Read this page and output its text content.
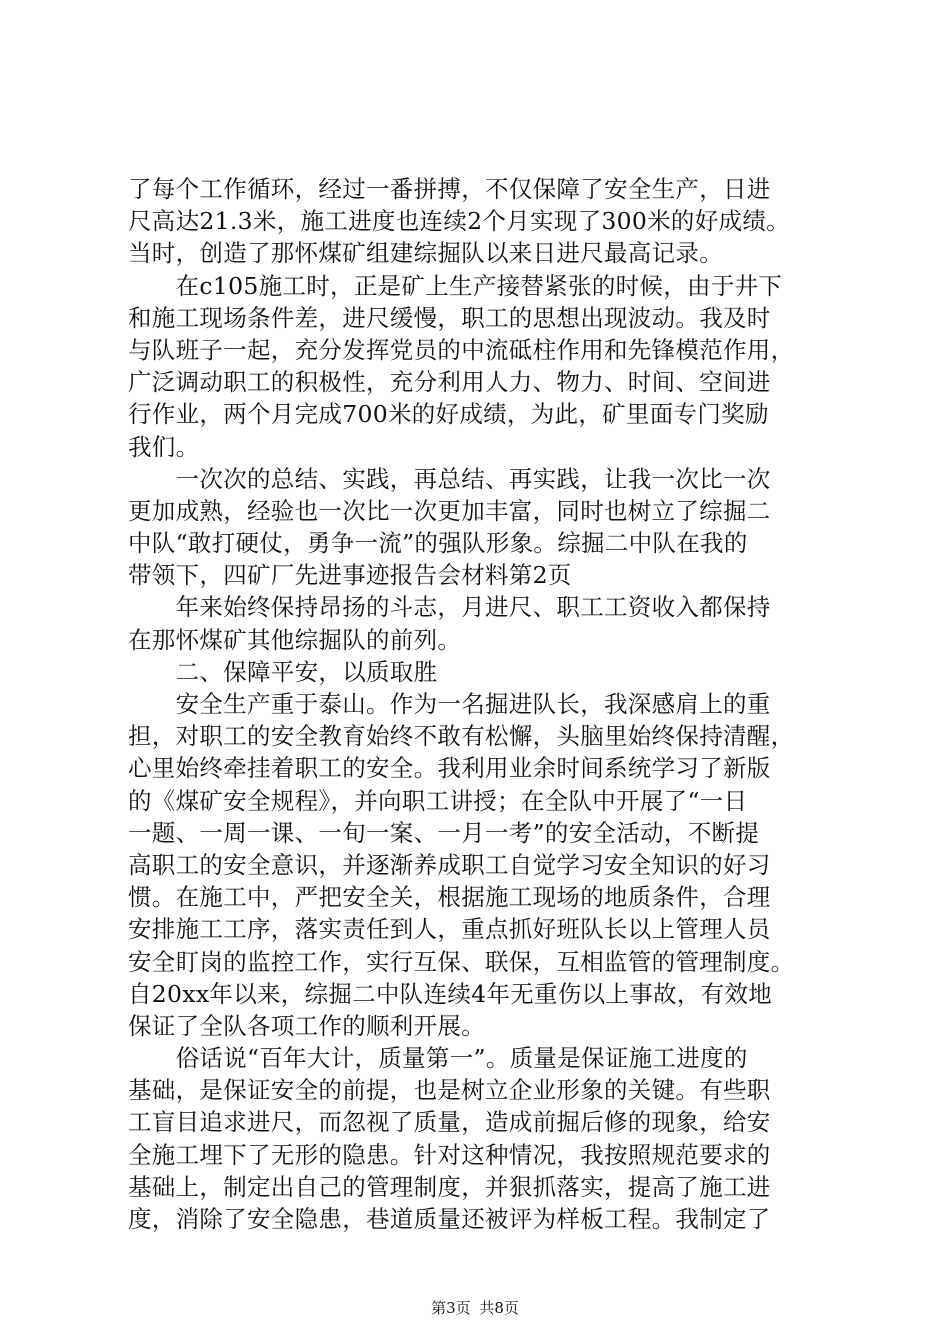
了每个工作循环，经过一番拼搏，不仅保障了安全生产，日进
尺高达21.3米，施工进度也连续2个月实现了300米的好成绩。
当时，创造了那怀煤矿组建综掘队以来日进尺最高记录。
　　在c105施工时，正是矿上生产接替紧张的时候，由于井下
和施工现场条件差，进尺缓慢，职工的思想出现波动。我及时
与队班子一起，充分发挥党员的中流砥柱作用和先锋模范作用，
广泛调动职工的积极性，充分利用人力、物力、时间、空间进
行作业，两个月完成700米的好成绩，为此，矿里面专门奖励
我们。
　　一次次的总结、实践，再总结、再实践，让我一次比一次
更加成熟，经验也一次比一次更加丰富，同时也树立了综掘二
中队“敢打硬仗，勇争一流”的强队形象。综掘二中队在我的
带领下，四矿厂先进事迹报告会材料第2页
　　年来始终保持昂扬的斗志，月进尺、职工工资收入都保持
在那怀煤矿其他综掘队的前列。
　　二、保障平安，以质取胜
　　安全生产重于泰山。作为一名掘进队长，我深感肩上的重
担，对职工的安全教育始终不敢有松懈，头脑里始终保持清醒，
心里始终牵挂着职工的安全。我利用业余时间系统学习了新版
的《煤矿安全规程》，并向职工讲授；在全队中开展了“一日
一题、一周一课、一旬一案、一月一考”的安全活动，不断提
高职工的安全意识，并逐渐养成职工自觉学习安全知识的好习
惯。在施工中，严把安全关，根据施工现场的地质条件，合理
安排施工工序，落实责任到人，重点抓好班队长以上管理人员
安全盯岗的监控工作，实行互保、联保，互相监管的管理制度。
自20xx年以来，综掘二中队连续4年无重伤以上事故，有效地
保证了全队各项工作的顺利开展。
　　俗话说“百年大计，质量第一”。质量是保证施工进度的
基础，是保证安全的前提，也是树立企业形象的关键。有些职
工盲目追求进尺，而忽视了质量，造成前掘后修的现象，给安
全施工埋下了无形的隐患。针对这种情况，我按照规范要求的
基础上，制定出自己的管理制度，并狠抓落实，提高了施工进
度，消除了安全隐患，巷道质量还被评为样板工程。我制定了
第3页 共8页
